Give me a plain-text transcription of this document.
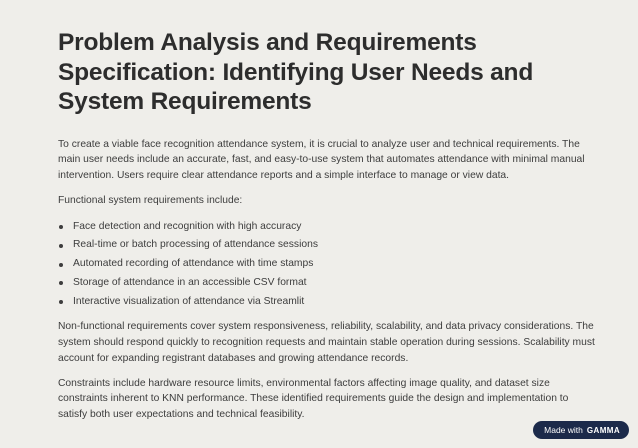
Problem Analysis and Requirements Specification: Identifying User Needs and System Requirements

To create a viable face recognition attendance system, it is crucial to analyze user and technical requirements. The main user needs include an accurate, fast, and easy-to-use system that automates attendance with minimal manual intervention. Users require clear attendance reports and a simple interface to manage or view data.

Functional system requirements include:

Face detection and recognition with high accuracy
Real-time or batch processing of attendance sessions
Automated recording of attendance with time stamps
Storage of attendance in an accessible CSV format
Interactive visualization of attendance via Streamlit

Non-functional requirements cover system responsiveness, reliability, scalability, and data privacy considerations. The system should respond quickly to recognition requests and maintain stable operation during sessions. Scalability must account for expanding registrant databases and growing attendance records.

Constraints include hardware resource limits, environmental factors affecting image quality, and dataset size constraints inherent to KNN performance. These identified requirements guide the design and implementation to satisfy both user expectations and technical feasibility.

Made with GAMMA
